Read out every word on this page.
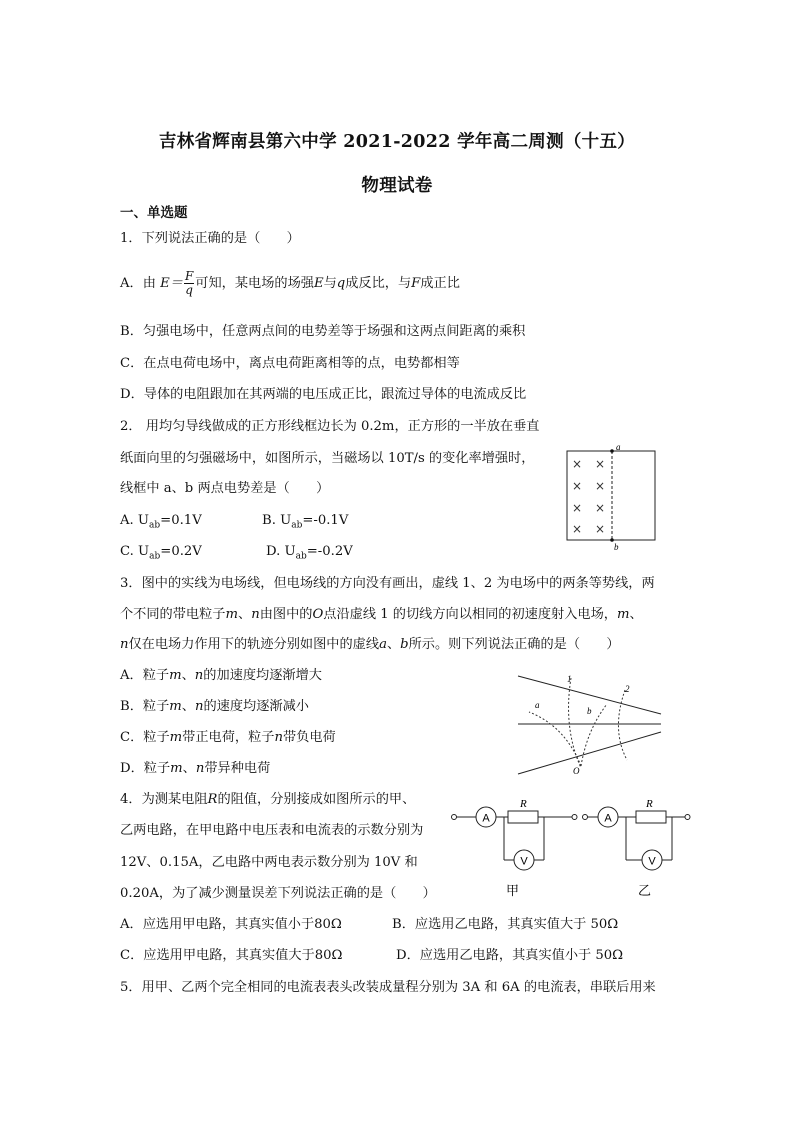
吉林省辉南县第六中学 2021-2022 学年高二周测（十五）
物理试卷
一、单选题
1．下列说法正确的是（　　）
A．由 $E= \frac{F}{q}$ 可知，某电场的场强E与q成反比，与F成正比
B．匀强电场中，任意两点间的电势差等于场强和这两点间距离的乘积
C．在点电荷电场中，离点电荷距离相等的点，电势都相等
D．导体的电阻跟加在其两端的电压成正比，跟流过导体的电流成反比
2． 用均匀导线做成的正方形线框边长为 0.2m，正方形的一半放在垂直
纸面向里的匀强磁场中，如图所示，当磁场以 10T/s 的变化率增强时，
线框中 a、b 两点电势差是（　　）
A. $U_{ab}=0.1V$	B. $U_{ab}=-0.1V$
C. $U_{ab}=0.2V$	D. $U_{ab}=-0.2V$
a
b
× ×
× ×
× ×
× ×
3．图中的实线为电场线，但电场线的方向没有画出，虚线 1、2 为电场中的两条等势线，两
个不同的带电粒子m、n由图中的O点沿虚线 1 的切线方向以相同的初速度射入电场，m、
n仅在电场力作用下的轨迹分别如图中的虚线a、b所示。则下列说法正确的是（　　）
A．粒子m、n的加速度均逐渐增大
B．粒子m、n的速度均逐渐减小
C．粒子m带正电荷，粒子n带负电荷
D．粒子m、n带异种电荷
1
2
a
b
O
4．为测某电阻R的阻值，分别接成如图所示的甲、
乙两电路，在甲电路中电压表和电流表的示数分别为
12V、0.15A，乙电路中两电表示数分别为 10V 和
0.20A，为了减少测量误差下列说法正确的是（　　）
A．应选用甲电路，其真实值小于80Ω	B．应选用乙电路，其真实值大于 50Ω
C．应选用甲电路，其真实值大于80Ω	D．应选用乙电路，其真实值小于 50Ω
A
R
V
甲
A
R
V
乙
5．用甲、乙两个完全相同的电流表表头改装成量程分别为 3A 和 6A 的电流表，串联后用来
